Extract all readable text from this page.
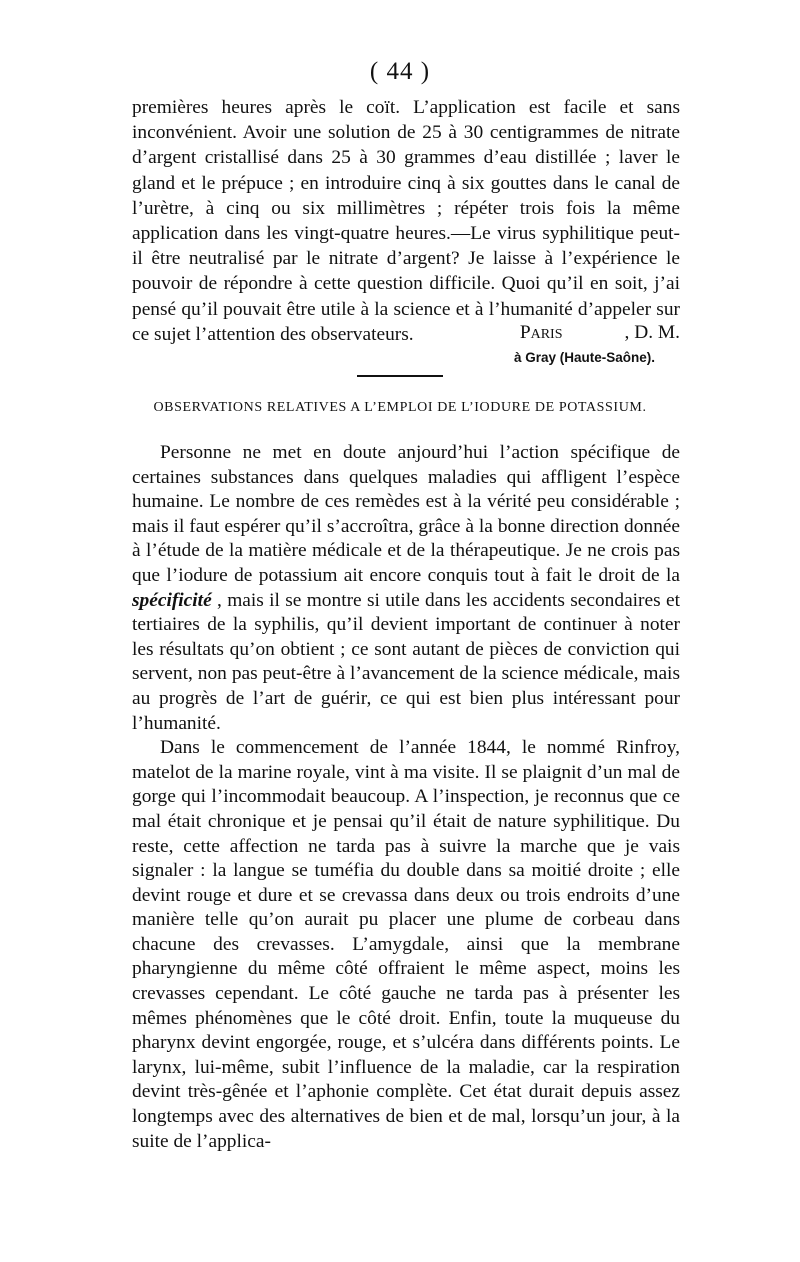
( 44 )

premières heures après le coït. L’application est facile et sans inconvénient. Avoir une solution de 25 à 30 centigrammes de nitrate d’argent cristallisé dans 25 à 30 grammes d’eau distillée ; laver le gland et le prépuce ; en introduire cinq à six gouttes dans le canal de l’urètre, à cinq ou six millimètres ; répéter trois fois la même application dans les vingt-quatre heures.—Le virus syphilitique peut-il être neutralisé par le nitrate d’argent? Je laisse à l’expérience le pouvoir de répondre à cette question difficile. Quoi qu’il en soit, j’ai pensé qu’il pouvait être utile à la science et à l’humanité d’appeler sur ce sujet l’attention des observateurs.	Paris	, D. M.
à Gray (Haute-Saône).
OBSERVATIONS RELATIVES A L’EMPLOI DE L’IODURE DE POTASSIUM.

Personne ne met en doute anjourd’hui l’action spécifique de certaines substances dans quelques maladies qui affligent l’espèce humaine. Le nombre de ces remèdes est à la vérité peu considérable ; mais il faut espérer qu’il s’accroîtra, grâce à la bonne direction donnée à l’étude de la matière médicale et de la thérapeutique. Je ne crois pas que l’iodure de potassium ait encore conquis tout à fait le droit de la spécificité , mais il se montre si utile dans les accidents secondaires et tertiaires de la syphilis, qu’il devient important de continuer à noter les résultats qu’on obtient ; ce sont autant de pièces de conviction qui servent, non pas peut-être à l’avancement de la science médicale, mais au progrès de l’art de guérir, ce qui est bien plus intéressant pour l’humanité.

Dans le commencement de l’année 1844, le nommé Rinfroy, matelot de la marine royale, vint à ma visite. Il se plaignit d’un mal de gorge qui l’incommodait beaucoup. A l’inspection, je reconnus que ce mal était chronique et je pensai qu’il était de nature syphilitique. Du reste, cette affection ne tarda pas à suivre la marche que je vais signaler : la langue se tuméfia du double dans sa moitié droite ; elle devint rouge et dure et se crevassa dans deux ou trois endroits d’une manière telle qu’on aurait pu placer une plume de corbeau dans chacune des crevasses. L’amygdale, ainsi que la membrane pharyngienne du même côté offraient le même aspect, moins les crevasses cependant. Le côté gauche ne tarda pas à présenter les mêmes phénomènes que le côté droit. Enfin, toute la muqueuse du pharynx devint engorgée, rouge, et s’ulcéra dans différents points. Le larynx, lui-même, subit l’influence de la maladie, car la respiration devint très-gênée et l’aphonie complète. Cet état durait depuis assez longtemps avec des alternatives de bien et de mal, lorsqu’un jour, à la suite de l’applica-
